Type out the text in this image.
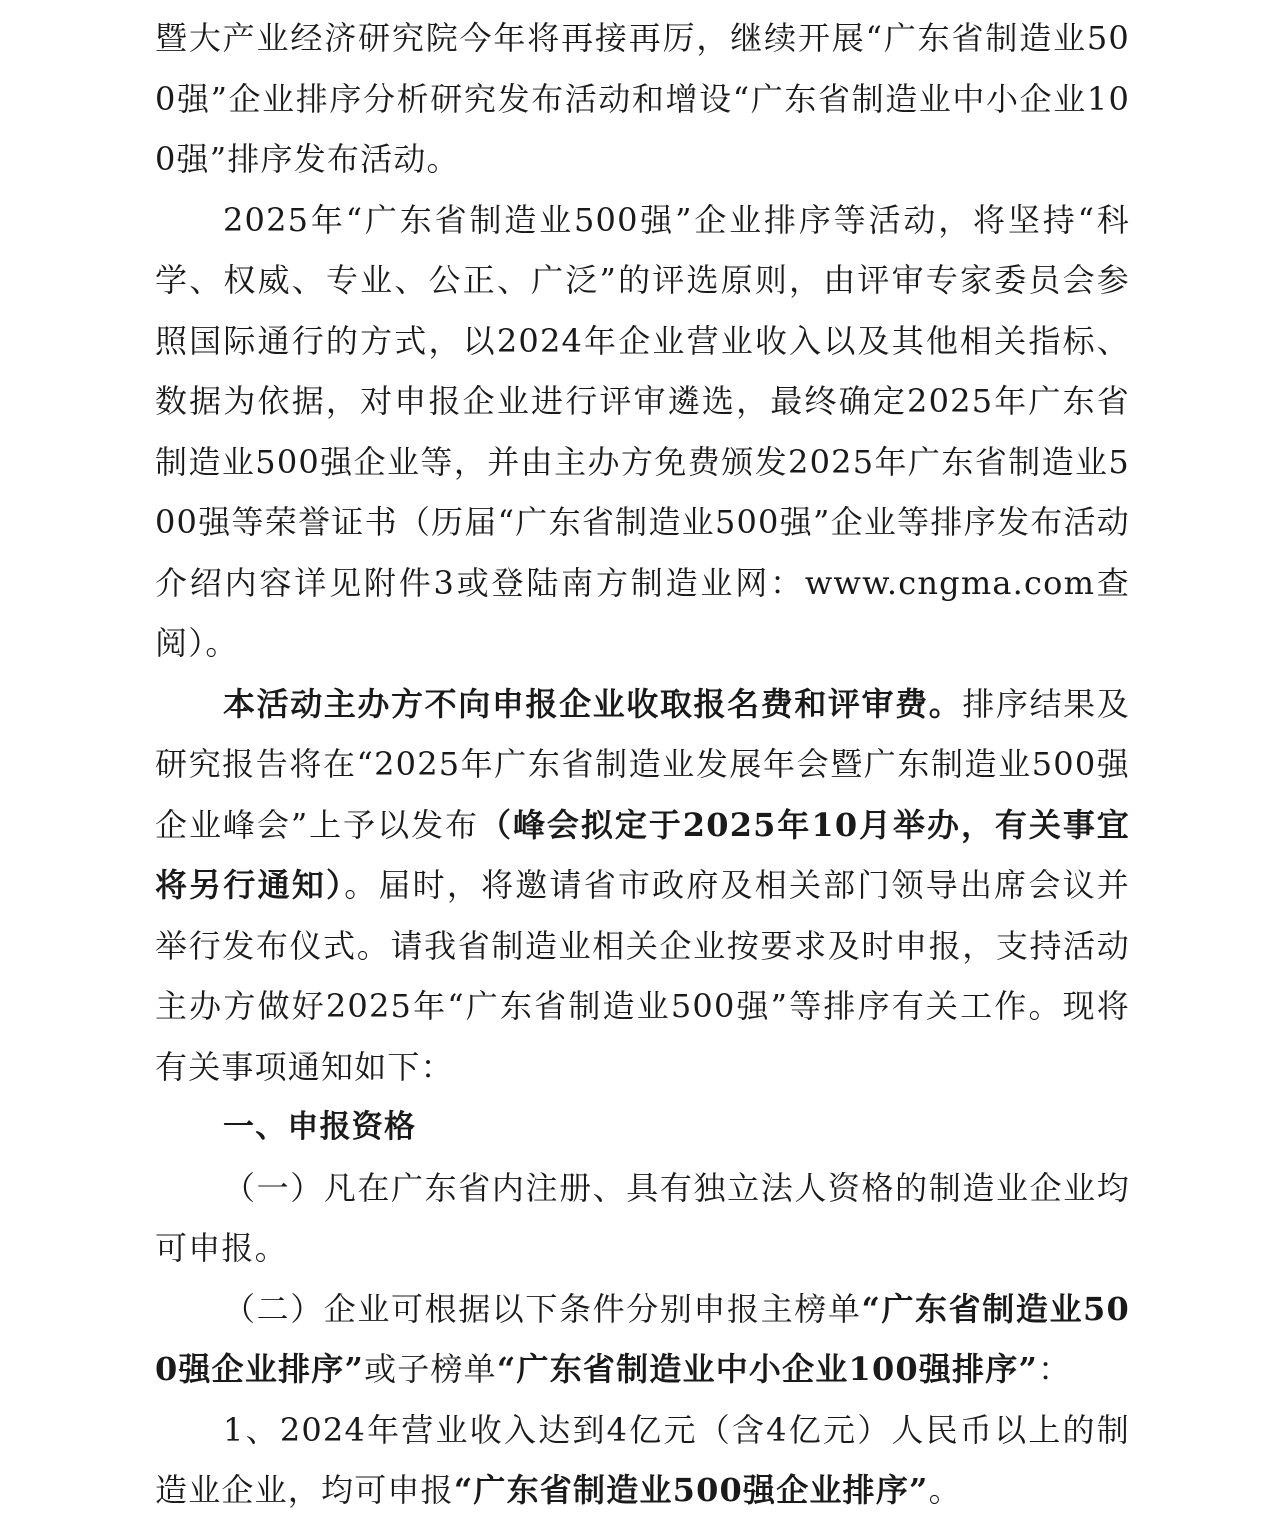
暨大产业经济研究院今年将再接再厉，继续开展“广东省制造业500强”企业排序分析研究发布活动和增设“广东省制造业中小企业100强”排序发布活动。

2025年“广东省制造业500强”企业排序等活动，将坚持“科学、权威、专业、公正、广泛”的评选原则，由评审专家委员会参照国际通行的方式，以2024年企业营业收入以及其他相关指标、数据为依据，对申报企业进行评审遴选，最终确定2025年广东省制造业500强企业等，并由主办方免费颁发2025年广东省制造业500强等荣誉证书（历届“广东省制造业500强”企业等排序发布活动介绍内容详见附件3或登陆南方制造业网：www.cngma.com查阅）。

本活动主办方不向申报企业收取报名费和评审费。排序结果及研究报告将在“2025年广东省制造业发展年会暨广东制造业500强企业峰会”上予以发布（峰会拟定于2025年10月举办，有关事宜将另行通知）。届时，将邀请省市政府及相关部门领导出席会议并举行发布仪式。请我省制造业相关企业按要求及时申报，支持活动主办方做好2025年“广东省制造业500强”等排序有关工作。现将有关事项通知如下：

一、申报资格

（一）凡在广东省内注册、具有独立法人资格的制造业企业均可申报。

（二）企业可根据以下条件分别申报主榜单“广东省制造业500强企业排序”或子榜单“广东省制造业中小企业100强排序”：

1、2024年营业收入达到4亿元（含4亿元）人民币以上的制造业企业，均可申报“广东省制造业500强企业排序”。
